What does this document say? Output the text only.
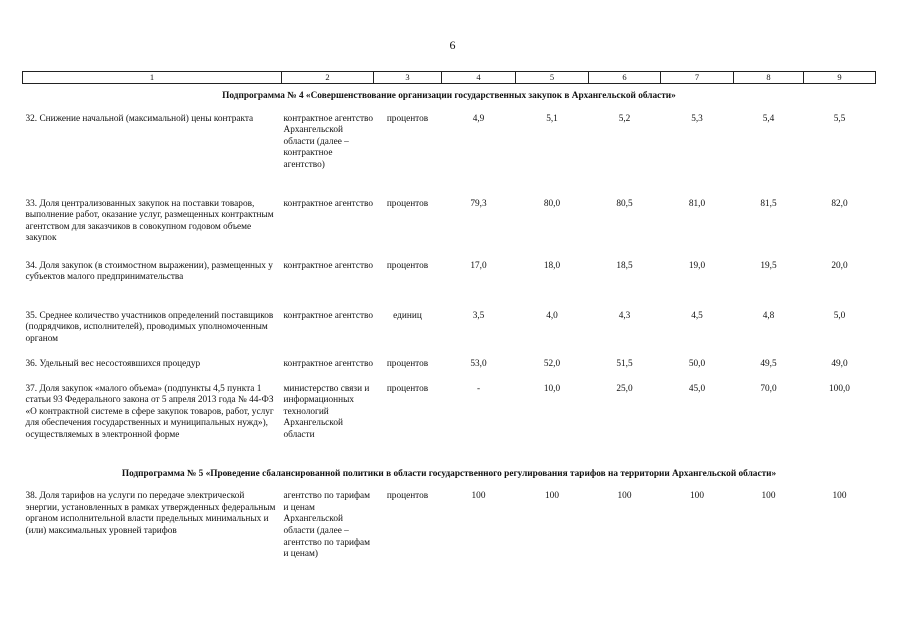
6
1	2	3	4	5	6	7	8	9
Подпрограмма № 4 «Совершенствование организации государственных закупок в Архангельской области»								
32. Снижение начальной (максимальной) цены контракта	контрактное агентство Архангельской области (далее – контрактное агентство)	процентов	4,9	5,1	5,2	5,3	5,4	5,5
33. Доля централизованных закупок на поставки товаров, выполнение работ, оказание услуг, размещенных контрактным агентством для заказчиков в совокупном годовом объеме закупок	контрактное агентство	процентов	79,3	80,0	80,5	81,0	81,5	82,0
34. Доля закупок (в стоимостном выражении), размещенных у субъектов малого предпринимательства	контрактное агентство	процентов	17,0	18,0	18,5	19,0	19,5	20,0
35. Среднее количество участников определений поставщиков (подрядчиков, исполнителей), проводимых уполномоченным органом	контрактное агентство	единиц	3,5	4,0	4,3	4,5	4,8	5,0
36. Удельный вес несостоявшихся процедур	контрактное агентство	процентов	53,0	52,0	51,5	50,0	49,5	49,0
37. Доля закупок «малого объема» (подпункты 4,5 пункта 1 статьи 93 Федерального закона от 5 апреля 2013 года № 44-ФЗ «О контрактной системе в сфере закупок товаров, работ, услуг для обеспечения государственных и муниципальных нужд»), осуществляемых в электронной форме	министерство связи и информационных технологий Архангельской области	процентов	-	10,0	25,0	45,0	70,0	100,0
Подпрограмма № 5 «Проведение сбалансированной политики в области государственного регулирования тарифов на территории Архангельской области»								
38. Доля тарифов на услуги по передаче электрической энергии, установленных в рамках утвержденных федеральным органом исполнительной власти предельных минимальных и (или) максимальных уровней тарифов	агентство по тарифам и ценам Архангельской области (далее – агентство по тарифам и ценам)	процентов	100	100	100	100	100	100
